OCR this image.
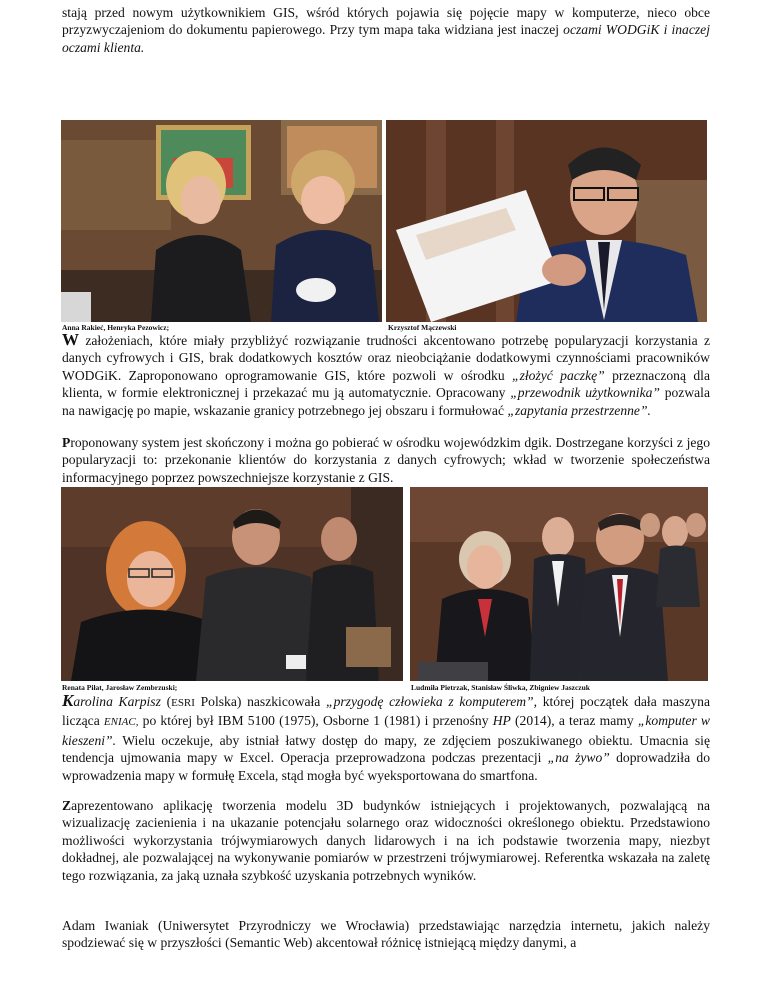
stają przed nowym użytkownikiem GIS, wśród których pojawia się pojęcie mapy w komputerze, nieco obce przyzwyczajeniom do dokumentu papierowego. Przy tym mapa taka widziana jest inaczej oczami WODGiK i inaczej oczami klienta.

Anna Rakieć, Henryka Pezowicz;	Krzysztof Mączewski

W założeniach, które miały przybliżyć rozwiązanie trudności akcentowano potrzebę popularyzacji korzystania z danych cyfrowych i GIS, brak dodatkowych kosztów oraz nieobciążanie dodatkowymi czynnościami pracowników WODGiK. Zaproponowano oprogramowanie GIS, które pozwoli w ośrodku „złożyć paczkę” przeznaczoną dla klienta, w formie elektronicznej i przekazać mu ją automatycznie. Opracowany „przewodnik użytkownika” pozwala na nawigację po mapie, wskazanie granicy potrzebnego jej obszaru i formułować „zapytania przestrzenne”.

Proponowany system jest skończony i można go pobierać w ośrodku wojewódzkim dgik. Dostrzegane korzyści z jego popularyzacji to: przekonanie klientów do korzystania z danych cyfrowych; wkład w tworzenie społeczeństwa informacyjnego poprzez powszechniejsze korzystanie z GIS.

Renata Piłat, Jarosław Zembrzuski;	Ludmiła Pietrzak, Stanisław Śliwka, Zbigniew Jaszczuk

Karolina Karpisz (ESRI Polska) naszkicowała „przygodę człowieka z komputerem”, której początek dała maszyna licząca ENIAC, po której był IBM 5100 (1975), Osborne 1 (1981) i przenośny HP (2014), a teraz mamy „komputer w kieszeni”. Wielu oczekuje, aby istniał łatwy dostęp do mapy, ze zdjęciem poszukiwanego obiektu. Umacnia się tendencja ujmowania mapy w Excel. Operacja przeprowadzona podczas prezentacji „na żywo” doprowadziła do wprowadzenia mapy w formułę Excela, stąd mogła być wyeksportowana do smartfona.

Zaprezentowano aplikację tworzenia modelu 3D budynków istniejących i projektowanych, pozwalającą na wizualizację zacienienia i na ukazanie potencjału solarnego oraz widoczności określonego obiektu. Przedstawiono możliwości wykorzystania trójwymiarowych danych lidarowych i na ich podstawie tworzenia mapy, niezbyt dokładnej, ale pozwalającej na wykonywanie pomiarów w przestrzeni trójwymiarowej. Referentka wskazała na zaletę tego rozwiązania, za jaką uznała szybkość uzyskania potrzebnych wyników.

Adam Iwaniak (Uniwersytet Przyrodniczy we Wrocławia) przedstawiając narzędzia internetu, jakich należy spodziewać się w przyszłości (Semantic Web) akcentował różnicę istniejącą między danymi, a
